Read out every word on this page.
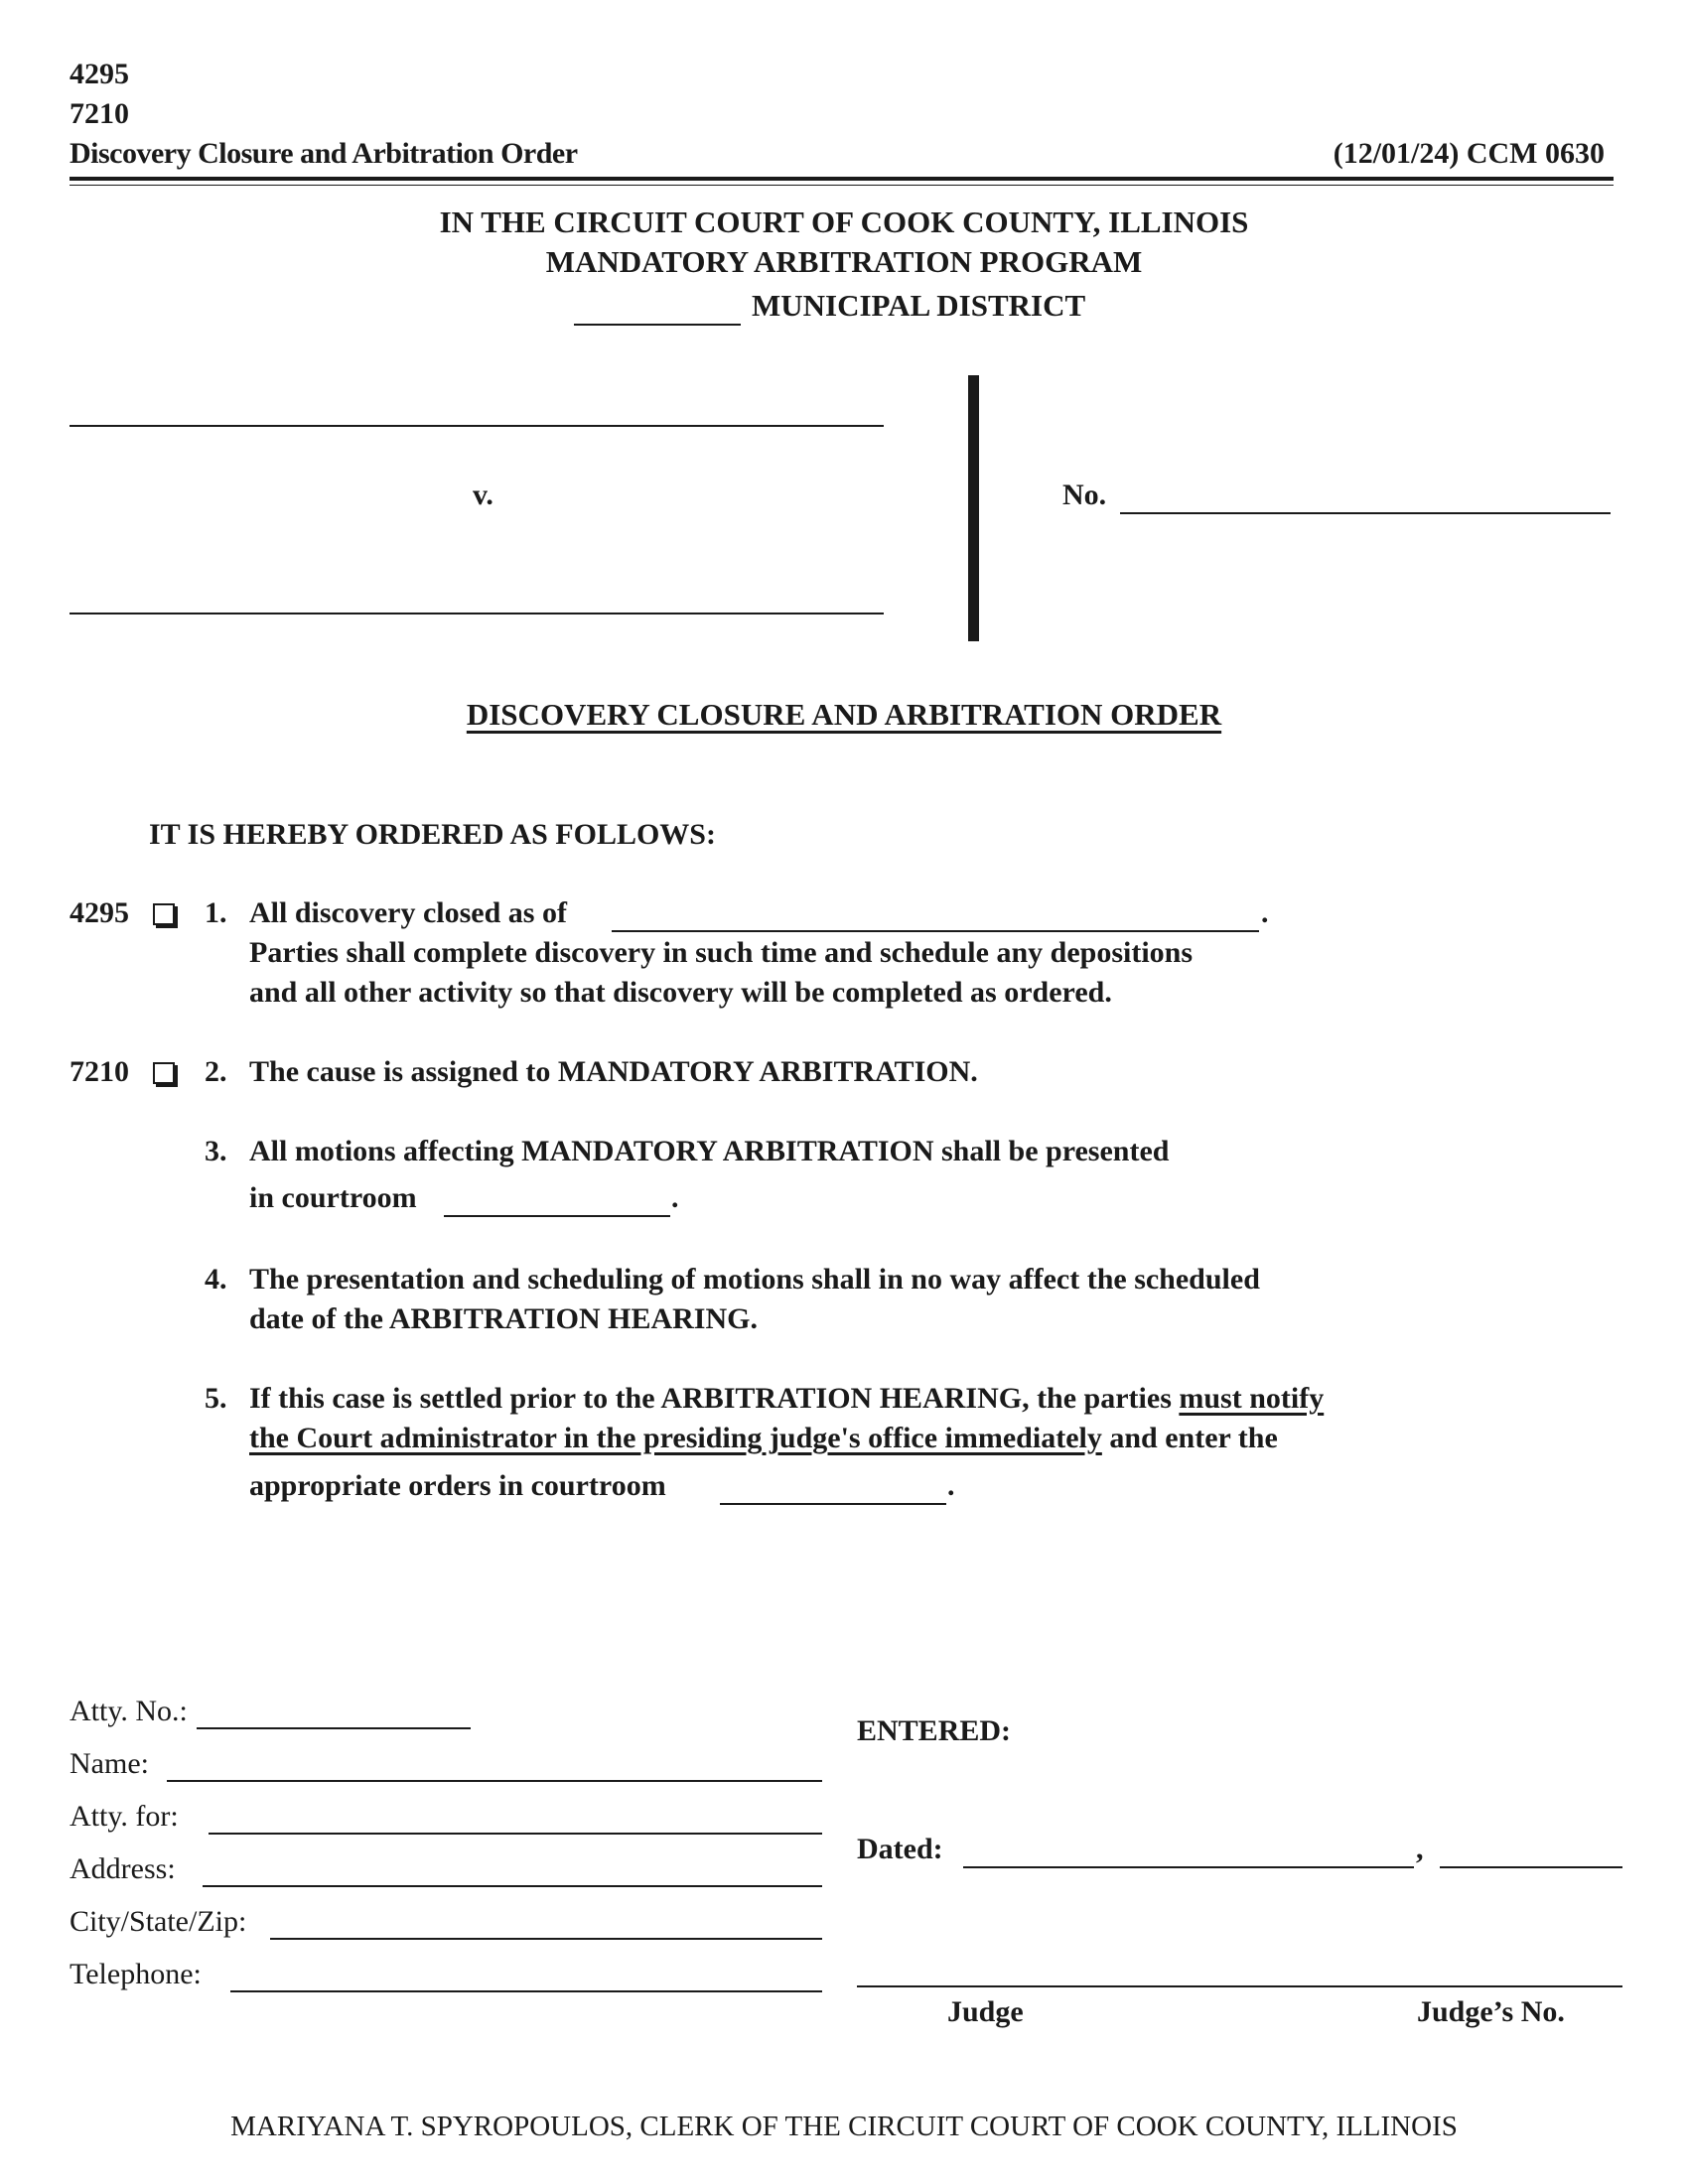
4295
7210
Discovery Closure and Arbitration Order	(12/01/24) CCM 0630
IN THE CIRCUIT COURT OF COOK COUNTY, ILLINOIS
MANDATORY ARBITRATION PROGRAM
MUNICIPAL DISTRICT
v.	No.
DISCOVERY CLOSURE AND ARBITRATION ORDER
IT IS HEREBY ORDERED AS FOLLOWS:
4295	1. All discovery closed as of	.
Parties shall complete discovery in such time and schedule any depositions
and all other activity so that discovery will be completed as ordered.
7210	2. The cause is assigned to MANDATORY ARBITRATION.
3. All motions affecting MANDATORY ARBITRATION shall be presented
in courtroom	.
4. The presentation and scheduling of motions shall in no way affect the scheduled
date of the ARBITRATION HEARING.
5. If this case is settled prior to the ARBITRATION HEARING, the parties must notify
the Court administrator in the presiding judge's office immediately and enter the
appropriate orders in courtroom	.
Atty. No.:
Name:
Atty. for:
Address:
City/State/Zip:
Telephone:
ENTERED:
Dated:	,
Judge	Judge’s No.
MARIYANA T. SPYROPOULOS, CLERK OF THE CIRCUIT COURT OF COOK COUNTY, ILLINOIS
